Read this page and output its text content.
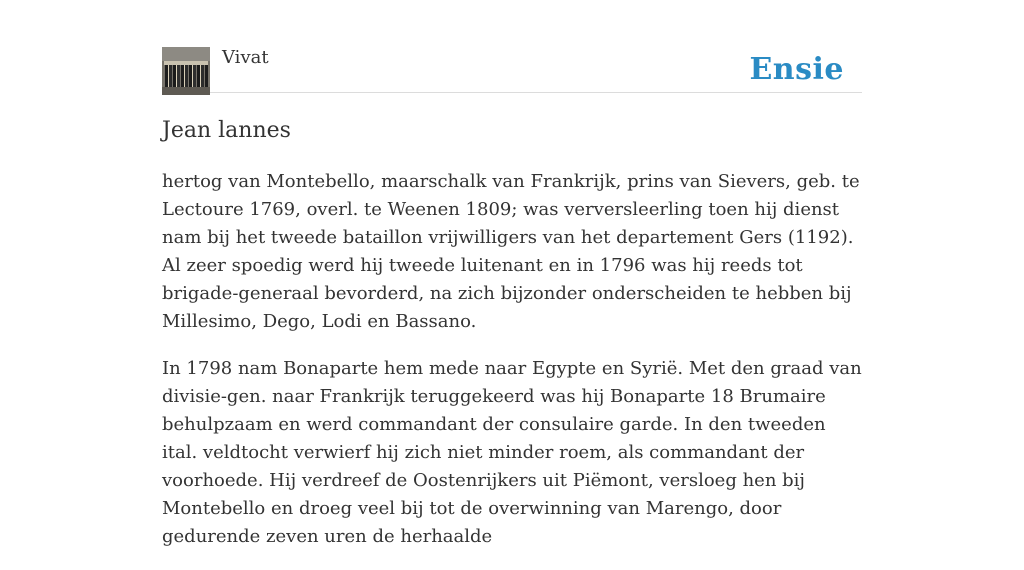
Vivat	Ensie
Jean lannes

hertog van Montebello, maarschalk van Frankrijk, prins van Sievers, geb. te Lectoure 1769, overl. te Weenen 1809; was verversleerling toen hij dienst nam bij het tweede bataillon vrijwilligers van het departement Gers (1192). Al zeer spoedig werd hij tweede luitenant en in 1796 was hij reeds tot brigade-generaal bevorderd, na zich bijzonder onderscheiden te hebben bij Millesimo, Dego, Lodi en Bassano.

In 1798 nam Bonaparte hem mede naar Egypte en Syrië. Met den graad van divisie-gen. naar Frankrijk teruggekeerd was hij Bonaparte 18 Brumaire behulpzaam en werd commandant der consulaire garde. In den tweeden ital. veldtocht verwierf hij zich niet minder roem, als commandant der voorhoede. Hij verdreef de Oostenrijkers uit Piëmont, versloeg hen bij Montebello en droeg veel bij tot de overwinning van Marengo, door gedurende zeven uren de herhaalde
